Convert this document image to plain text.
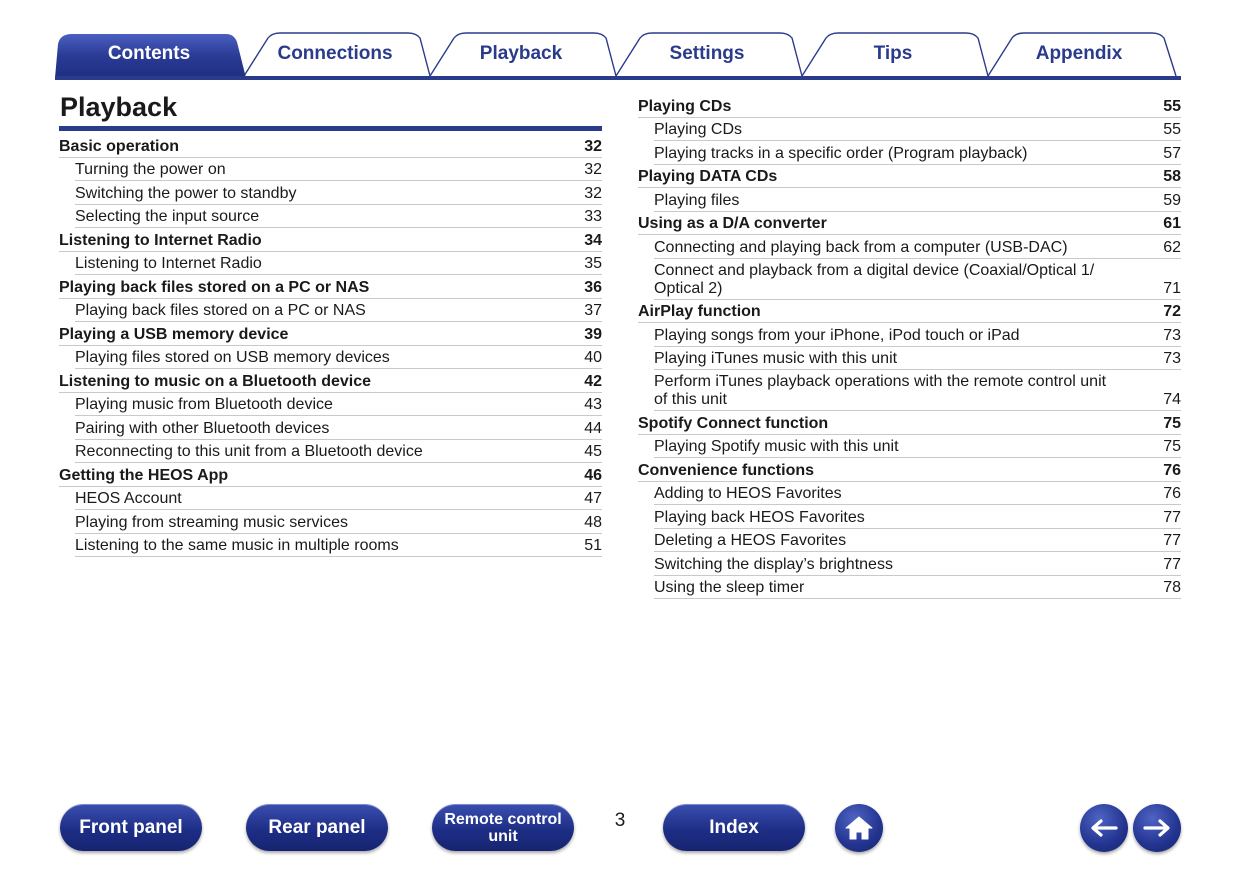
Contents	Connections	Playback	Settings	Tips	Appendix
Playback
Basic operation	32
Turning the power on	32
Switching the power to standby	32
Selecting the input source	33
Listening to Internet Radio	34
Listening to Internet Radio	35
Playing back files stored on a PC or NAS	36
Playing back files stored on a PC or NAS	37
Playing a USB memory device	39
Playing files stored on USB memory devices	40
Listening to music on a Bluetooth device	42
Playing music from Bluetooth device	43
Pairing with other Bluetooth devices	44
Reconnecting to this unit from a Bluetooth device	45
Getting the HEOS App	46
HEOS Account	47
Playing from streaming music services	48
Listening to the same music in multiple rooms	51
Playing CDs	55
Playing CDs	55
Playing tracks in a specific order (Program playback)	57
Playing DATA CDs	58
Playing files	59
Using as a D/A converter	61
Connecting and playing back from a computer (USB-DAC)	62
Connect and playback from a digital device (Coaxial/Optical 1/
Optical 2)	71
AirPlay function	72
Playing songs from your iPhone, iPod touch or iPad	73
Playing iTunes music with this unit	73
Perform iTunes playback operations with the remote control unit
of this unit	74
Spotify Connect function	75
Playing Spotify music with this unit	75
Convenience functions	76
Adding to HEOS Favorites	76
Playing back HEOS Favorites	77
Deleting a HEOS Favorites	77
Switching the display’s brightness	77
Using the sleep timer	78
Front panel	Rear panel	Remote control
unit
3	Index
